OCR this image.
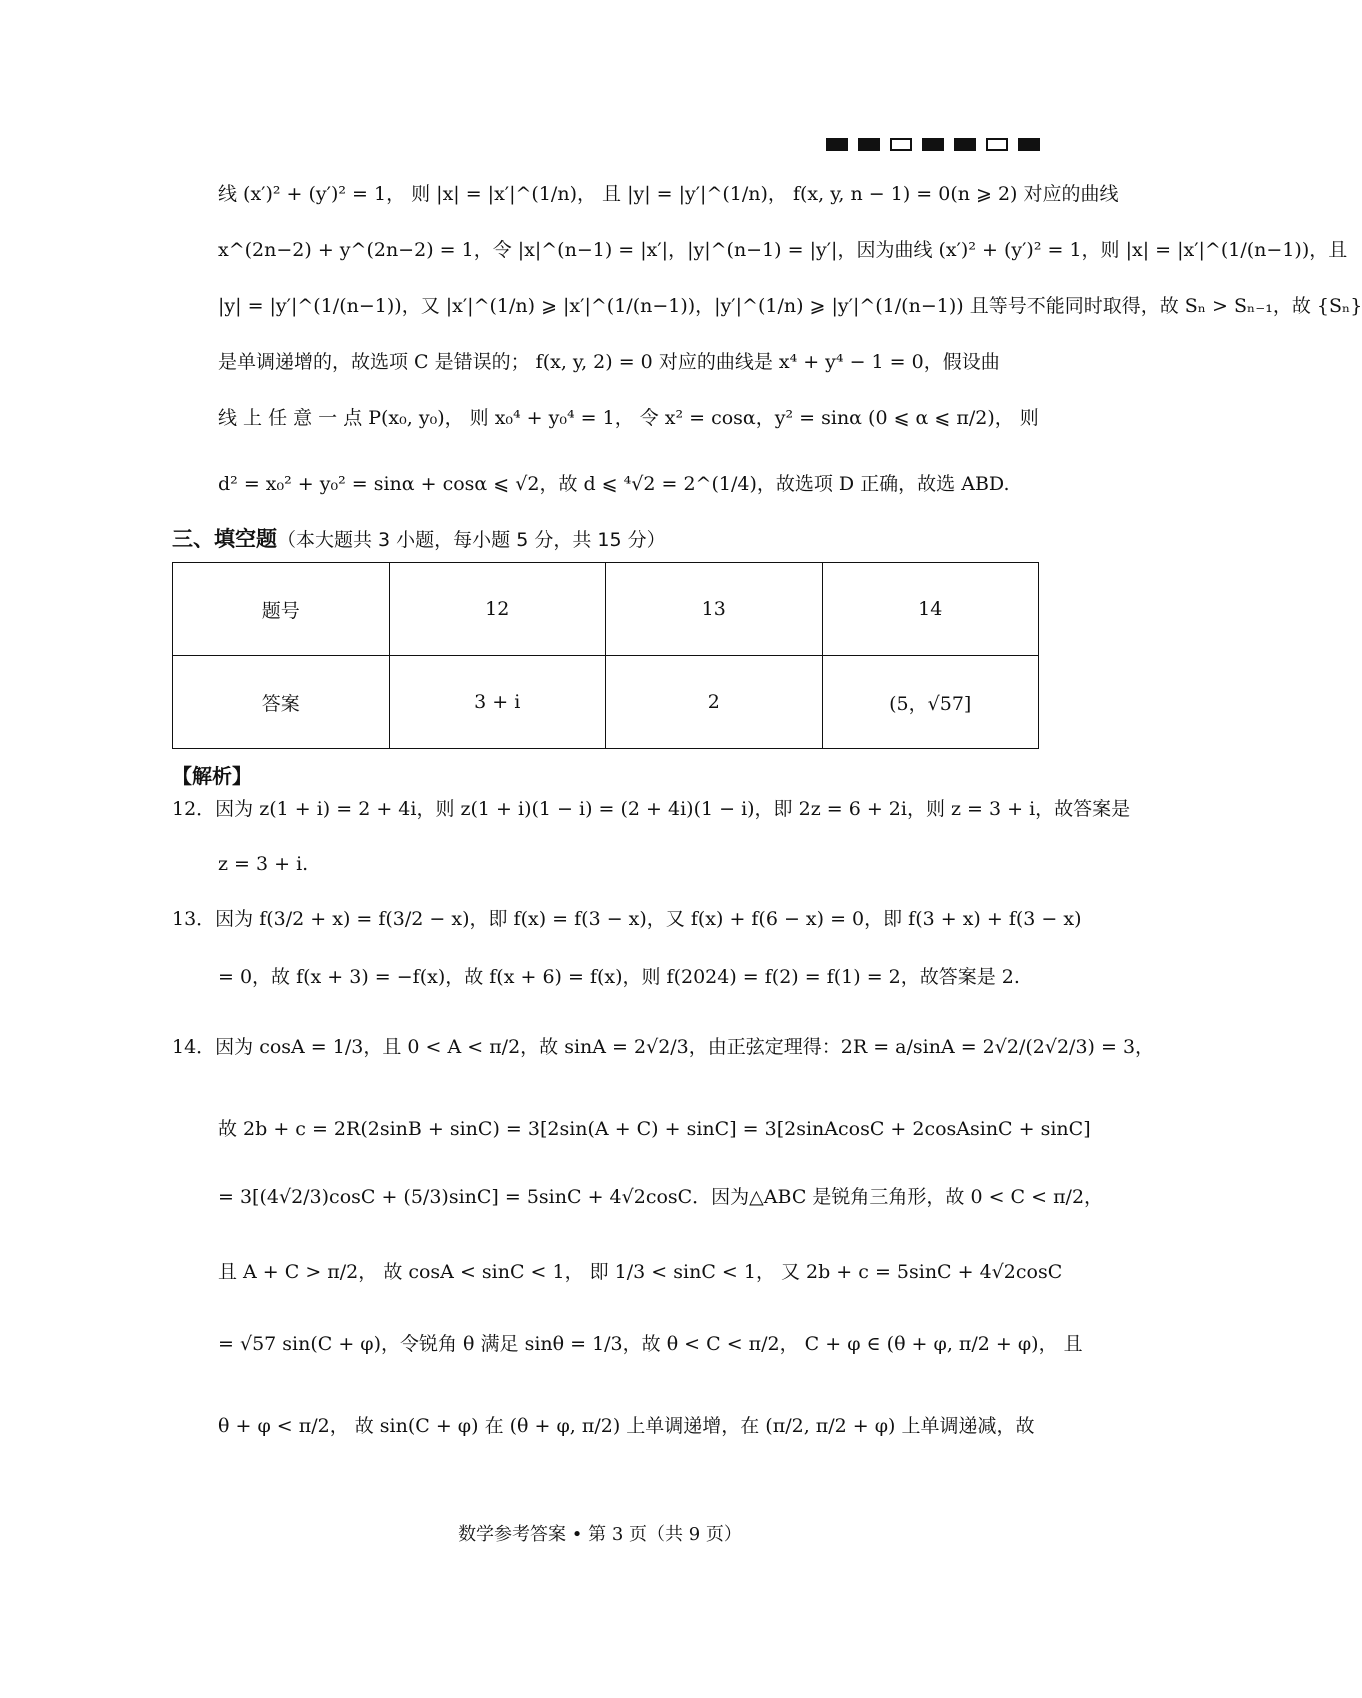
线 (x′)² + (y′)² = 1， 则 |x| = |x′|^(1/n)， 且 |y| = |y′|^(1/n)， f(x, y, n − 1) = 0(n ⩾ 2) 对应的曲线
x^(2n−2) + y^(2n−2) = 1，令 |x|^(n−1) = |x′|，|y|^(n−1) = |y′|，因为曲线 (x′)² + (y′)² = 1，则 |x| = |x′|^(1/(n−1))，且
|y| = |y′|^(1/(n−1))，又 |x′|^(1/n) ⩾ |x′|^(1/(n−1))，|y′|^(1/n) ⩾ |y′|^(1/(n−1)) 且等号不能同时取得，故 Sₙ > Sₙ₋₁，故 {Sₙ}
是单调递增的，故选项 C 是错误的； f(x, y, 2) = 0 对应的曲线是 x⁴ + y⁴ − 1 = 0，假设曲
线 上 任 意 一 点 P(x₀, y₀)， 则 x₀⁴ + y₀⁴ = 1， 令 x² = cosα，y² = sinα (0 ⩽ α ⩽ π/2)， 则
d² = x₀² + y₀² = sinα + cosα ⩽ √2，故 d ⩽ ⁴√2 = 2^(1/4)，故选项 D 正确，故选 ABD.
12．因为 z(1 + i) = 2 + 4i，则 z(1 + i)(1 − i) = (2 + 4i)(1 − i)，即 2z = 6 + 2i，则 z = 3 + i，故答案是
z = 3 + i.
13．因为 f(3/2 + x) = f(3/2 − x)，即 f(x) = f(3 − x)，又 f(x) + f(6 − x) = 0，即 f(3 + x) + f(3 − x)
= 0，故 f(x + 3) = −f(x)，故 f(x + 6) = f(x)，则 f(2024) = f(2) = f(1) = 2，故答案是 2.
14．因为 cosA = 1/3，且 0 < A < π/2，故 sinA = 2√2/3，由正弦定理得：2R = a/sinA = 2√2/(2√2/3) = 3，
故 2b + c = 2R(2sinB + sinC) = 3[2sin(A + C) + sinC] = 3[2sinAcosC + 2cosAsinC + sinC]
= 3[(4√2/3)cosC + (5/3)sinC] = 5sinC + 4√2cosC．因为△ABC 是锐角三角形，故 0 < C < π/2，
且 A + C > π/2， 故 cosA < sinC < 1， 即 1/3 < sinC < 1， 又 2b + c = 5sinC + 4√2cosC
= √57 sin(C + φ)，令锐角 θ 满足 sinθ = 1/3，故 θ < C < π/2， C + φ ∈ (θ + φ, π/2 + φ)， 且
θ + φ < π/2， 故 sin(C + φ) 在 (θ + φ, π/2) 上单调递增，在 (π/2, π/2 + φ) 上单调递减，故
三、填空题（本大题共 3 小题，每小题 5 分，共 15 分）
题号	12	13	14
答案	3 + i	2	(5，√57]
【解析】
数学参考答案 • 第 3 页（共 9 页）
